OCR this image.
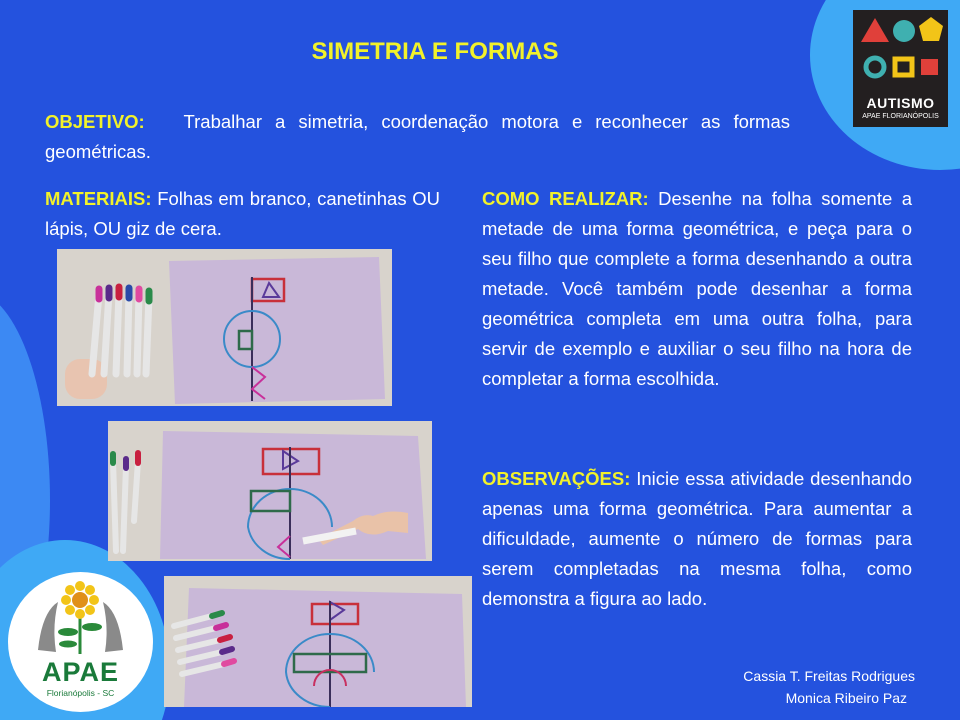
SIMETRIA E FORMAS
OBJETIVO: Trabalhar a simetria, coordenação motora e reconhecer as formas geométricas.
MATERIAIS: Folhas em branco, canetinhas OU lápis, OU giz de cera.
COMO REALIZAR: Desenhe na folha somente a metade de uma forma geométrica, e peça para o seu filho que complete a forma desenhando a outra metade. Você também pode desenhar a forma geométrica completa em uma outra folha, para servir de exemplo e auxiliar o seu filho na hora de completar a forma escolhida.
OBSERVAÇÕES: Inicie essa atividade desenhando apenas uma forma geométrica. Para aumentar a dificuldade, aumente o número de formas para serem completadas na mesma folha, como demonstra a figura ao lado.
AUTISMO
APAE FLORIANÓPOLIS
APAE
Florianópolis - SC
Cassia T. Freitas Rodrigues
Monica Ribeiro Paz
